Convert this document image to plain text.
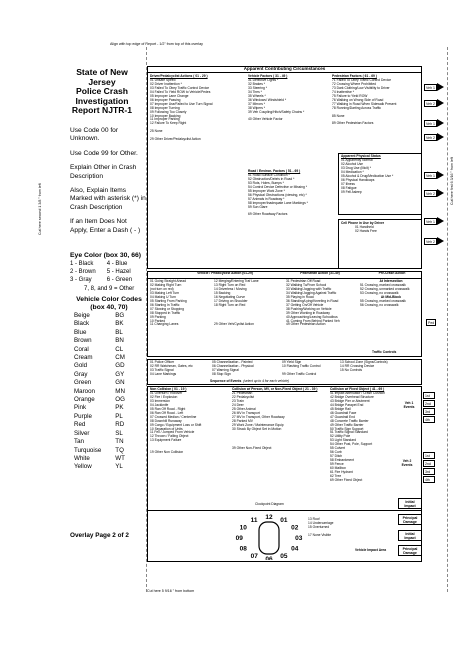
Align with top edge of Report - 1/2" from top of this overlay
Cut here 5 9/16 " from bottom
Cut here second 1 3/8 " from left
Cut here first 6 3/16 " from left
State of New Jersey
Police Crash
Investigation
Report NJTR-1
Use Code 00 for Unknown.
Use Code 99 for Other.
Explain Other in Crash Description
Also, Explain Items Marked with asterisk (*) in Crash Description
If an Item Does Not Apply, Enter a Dash ( - )
Eye Color (box 30, 66)
1 - Black	4 - Blue
2 - Brown	5 - Hazel
3 - Gray	6 - Green
7, 8, and 9 = Other
Vehicle Color Codes
(box 40, 70)
Beige	BG
Black	BK
Blue	BL
Brown	BN
Coral	CL
Cream	CM
Gold	GD
Gray	GY
Green	GN
Maroon	MN
Orange	OG
Pink	PK
Purple	PL
Red	RD
Silver	SL
Tan	TN
Turquoise	TQ
White	WT
Yellow	YL
Overlay Page 2 of 2
Apparent Contributing Circumstances
Driver/Pedalcyclist Actions ( 01 - 29 )
01 Unsafe Speed
02 Driver Inattention *
03 Failed To Obey Traffic Control Device
04 Failed To Yield ROW to Vehicle/Pedes
05 Improper Lane Change
06 Improper Passing
07 Improper Use/Failed to Use Turn Signal
08 Improper Turning
09 Following Too Closely
10 Improper Backing
11 Improper Parking
12 Failure To Keep Right

25 None

29 Other Driver/Pedalcyclist Action
Vehicle Factors ( 31 - 49 )
31 Defective Lights *
32 Brakes *
33 Steering *
34 Tires *
35 Wheels *
36 Windows/ Windshield *
37 Mirrors *
38 Wipers *
39 Veh Coupling/Hitch/Safety Chains *

40 Other Vehicle Factor
Pedestrian Factors ( 61 - 69 )
71 Failed To Obey Traffic Control Device
72 Crossing Where Prohibited
73 Dark Clothing/Low Visibility to Driver
74 Inattentive *
75 Failure to Yield ROW
76 Walking on Wrong Side of Road
77 Walking in Road When Sidewalk Present
78 Running/Darting Across Traffic

85 None

89 Other Pedestrian Factors
Road / Environ. Factors ( 51 - 69 )
51 Road Surface Condition *
52 Obstruction/Debris in Road *
53 Ruts, Holes, Bumps *
54 Control Device Defective or Missing *
55 Improper Work Zone *
56 Physical Obstructions (viewing, etc) *
57 Animals in Roadway *
58 Improper/Inadequate Lane Markings *
59 Sun Glare

69 Other Roadway Factors
Apparent Physical Status
01 Apparently Normal
02 Alcohol Use
03 Drug Use (illicit) *
04 Medication *
05 Alcohol & Drug/Medication Use *
06 Physical Handicaps
07 Illness
08 Fatigue
09 Fell Asleep
Cell Phone in Use by Driver
01 Handheld
02 Hands Free
Veh 1
Veh 2
Veh 1
Veh 2
Veh 1
Veh 2
Veh 1
Veh 2
Vehicle / Pedalcyclist Action (01-29)	Pedestrian Action (31-49)	Pre-Crash Action
01 Going Straight Ahead
02 Making Right Turn
(not turn on red)
03 Making Left Turn
04 Making U Turn
05 Starting From Parking
06 Starting In Traffic
07 Slowing or Stopping
08 Stopped in Traffic
09 Parking
10 Parked
11 Changing Lanes
12 Merging/Entering Traf Lane
13 Right Turn on Red
14 Driverless / Moving
15 Backing
16 Negotiating Curve
17 Driving on Shoulder
18 Right Turn on Red

29 Other Veh/Cyclist Action
31 Pedestrian Off Road
32 Walking To/From School
33 Walking/Jogging with Traffic
34 Walking/Jogging Against Traffic
35 Playing in Road
36 Standing/Lying/Kneeling in Road
37 Getting On/Off Vehicle
38 Pushing/Working on Vehicle
39 Other Working in Roadway
40 Approaching/Leaving Schoolbus
41 Coming From Behind Parked Veh
49 Other Pedestrian Action
At Intersection
51 Crossing, marked crosswalk
52 Crossing, unmarked crosswalk
53 Crossing, no crosswalk
At Mid-Block
55 Crossing, marked crosswalk
56 Crossing, no crosswalk
Ped
Traffic Controls
01 Police Officer
02 RR Watchman, Gates, etc
03 Traffic Signal
04 Lane Markings
05 Channelization - Painted
06 Channelization - Physical
07 Warning Signal
08 Stop Sign
09 Yield Sign
10 Flashing Traffic Control

99 Other Traffic Control
13 School Zone (Signs/Controls)
14 RR Crossing Device
15 No Controls
Sequence of Events (select up to 4 for each vehicle)
Non Collision ( 01 - 19 )
01 Overturn / Rollover
02 Fire / Explosion
03 Immersion
04 Jackknife
05 Ran Off Road - Right
06 Ran Off Road - Left
07 Crossed Median / Centerline
08 Downhill Runaway
09 Cargo / Equipment Loss or Shift
10 Separation of Units
11 Fell / Jumped From Vehicle
12 Thrown / Falling Object
13 Equipment Failure

19 Other Non Collision
Collision w/ Person, MV, or Non-Fixed Object ( 21 - 39 )
21 Pedestrian
22 Pedalcyclist
23 Train
24 Deer
25 Other Animal
26 MV in Transport
27 MV in Transport, Other Roadway
28 Parked MV
29 Work Zone / Maintenance Equip
30 Struck By Object Set in Motion

39 Other Non-Fixed Object
Collision w/ Fixed Object ( 41 - 69 )
41 Impact Attenuator / Crash Cushion
42 Bridge Overhead Structure
43 Bridge Pier or Abutment
44 Bridge Parapet End
45 Bridge Rail
46 Guardrail Face
47 Guardrail End
48 Concrete Traffic Barrier
49 Other Traffic Barrier
50 Traffic Sign Support
51 Traffic Signal Standard
52 Utility Pole
53 Light Standard
54 Other Post, Pole, Support
55 Culvert
56 Curb
57 Ditch
58 Embankment
59 Fence
60 Mailbox
61 Fire Hydrant
62 Tree
69 Other Fixed Object
1st
2nd
3rd
4th
1st
2nd
3rd
4th
Veh 1 Events
Veh 2 Events
Clockpoint Diagram
12 01
02
03
04
05
06
07
08
09
10
11	13 Roof
14 Undercarriage
15 Overturned

17 None Visible
Vehicle Impact Area
Initial Impact
Principal Damage
Initial Impact
Principal Damage
